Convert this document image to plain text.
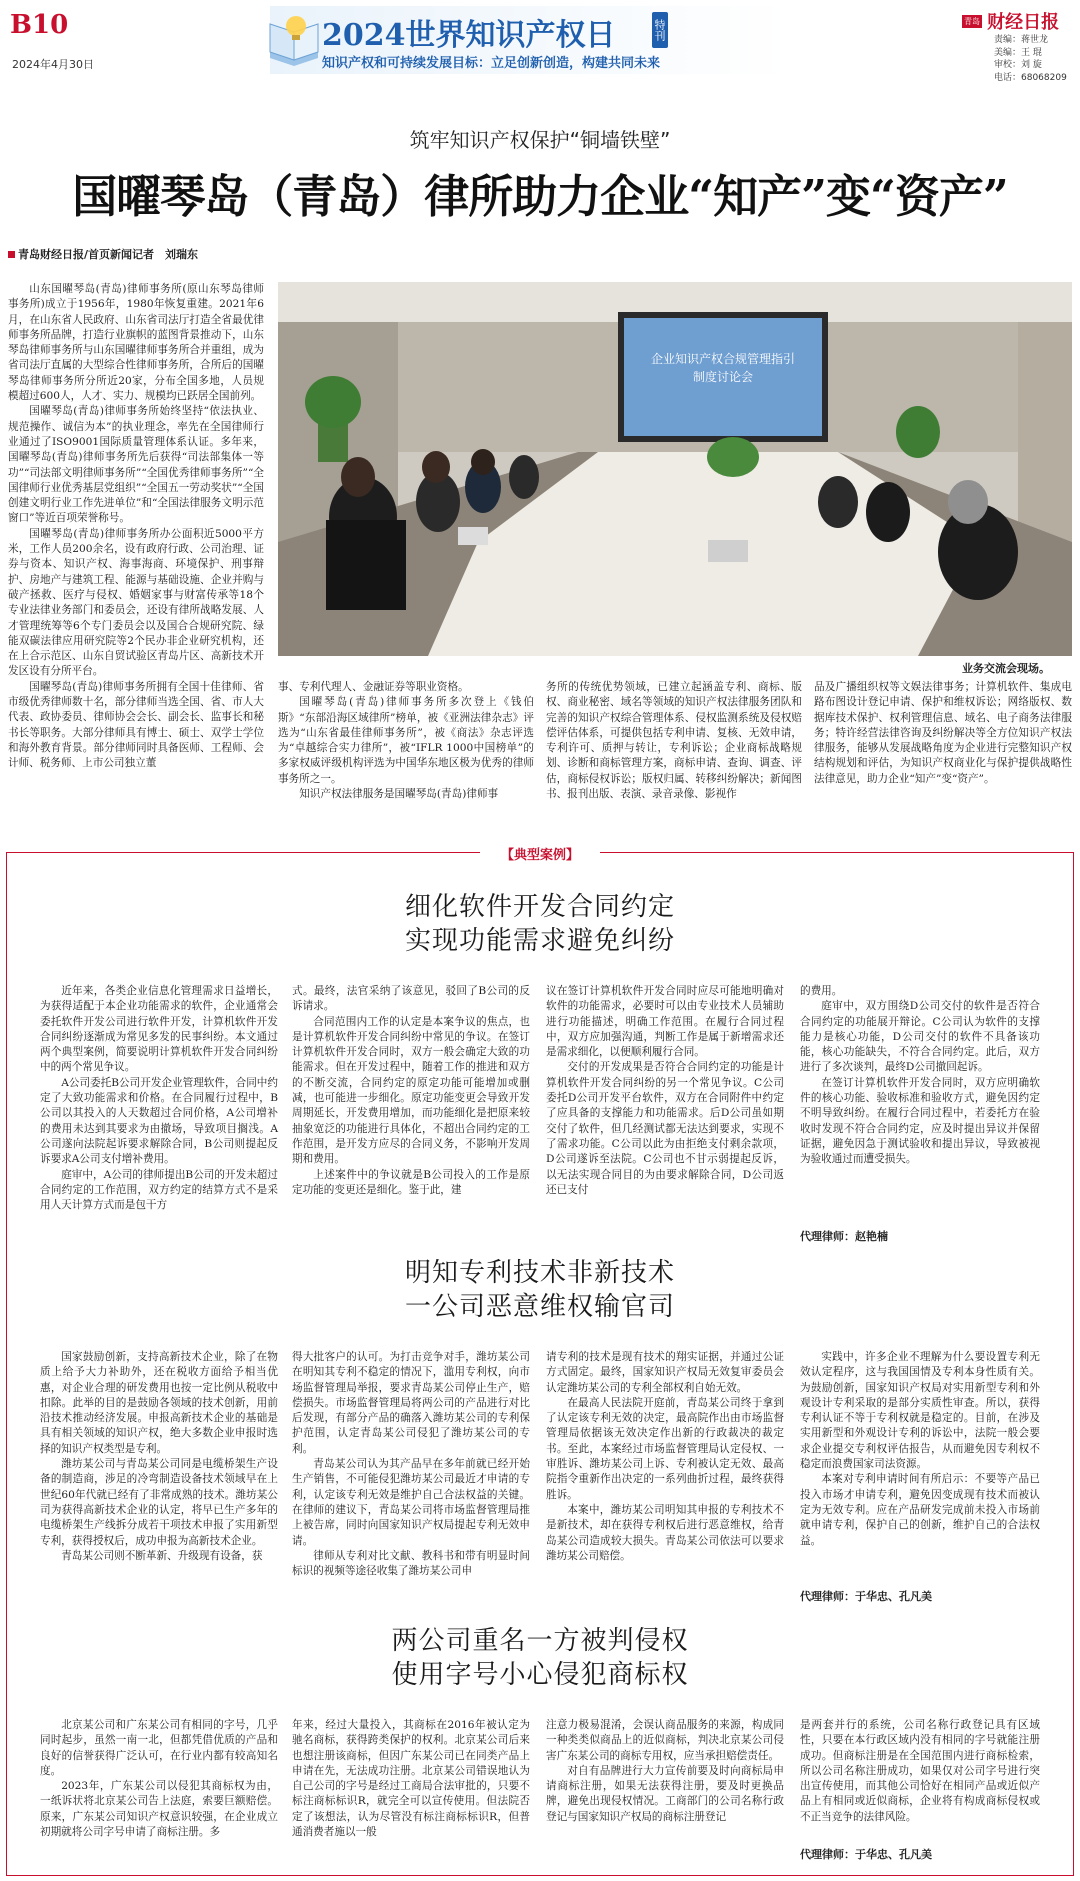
B10
2024年4月30日
2024世界知识产权日	特刊
知识产权和可持续发展目标：立足创新创造，构建共同未来
青岛 财经日报
责编：蒋世龙
美编：王 琨
审校：刘 旋
电话：68068209
筑牢知识产权保护“铜墙铁壁”
国曜琴岛（青岛）律所助力企业“知产”变“资产”
青岛财经日报/首页新闻记者　刘瑞东

山东国曜琴岛(青岛)律师事务所(原山东琴岛律师事务所)成立于1956年，1980年恢复重建。2021年6月，在山东省人民政府、山东省司法厅打造全省最优律师事务所品牌，打造行业旗帜的蓝图背景推动下，山东琴岛律师事务所与山东国曜律师事务所合并重组，成为省司法厅直属的大型综合性律师事务所，合所后的国曜琴岛律师事务所分所近20家，分布全国多地，人员规模超过600人，人才、实力、规模均已跃居全国前列。

国曜琴岛(青岛)律师事务所始终坚持“依法执业、规范操作、诚信为本”的执业理念，率先在全国律师行业通过了ISO9001国际质量管理体系认证。多年来，国曜琴岛(青岛)律师事务所先后获得“司法部集体一等功”“司法部文明律师事务所”“全国优秀律师事务所”“全国律师行业优秀基层党组织”“全国五一劳动奖状”“全国创建文明行业工作先进单位”和“全国法律服务文明示范窗口”等近百项荣誉称号。

国曜琴岛(青岛)律师事务所办公面积近5000平方米，工作人员200余名，设有政府行政、公司治理、证券与资本、知识产权、海事海商、环境保护、刑事辩护、房地产与建筑工程、能源与基础设施、企业并购与破产拯救、医疗与侵权、婚姻家事与财富传承等18个专业法律业务部门和委员会，还设有律所战略发展、人才管理统筹等6个专门委员会以及国合合规研究院、绿能双碳法律应用研究院等2个民办非企业研究机构，还在上合示范区、山东自贸试验区青岛片区、高新技术开发区设有分所平台。

国曜琴岛(青岛)律师事务所拥有全国十佳律师、省市级优秀律师数十名，部分律师当选全国、省、市人大代表、政协委员、律师协会会长、副会长、监事长和秘书长等职务。大部分律师具有博士、硕士、双学士学位和海外教育背景。部分律师同时具备医师、工程师、会计师、税务师、上市公司独立董

企业知识产权合规管理指引
制度讨论会
业务交流会现场。

事、专利代理人、金融证券等职业资格。

国曜琴岛(青岛)律师事务所多次登上《钱伯斯》“东部沿海区域律所”榜单，被《亚洲法律杂志》评选为“山东省最佳律师事务所”，被《商法》杂志评选为“卓越综合实力律所”，被“IFLR 1000中国榜单”的多家权威评级机构评选为中国华东地区极为优秀的律师事务所之一。

知识产权法律服务是国曜琴岛(青岛)律师事

务所的传统优势领域，已建立起涵盖专利、商标、版权、商业秘密、域名等领域的知识产权法律服务团队和完善的知识产权综合管理体系、侵权监测系统及侵权赔偿评估体系，可提供包括专利申请、复核、无效申请，专利许可、质押与转让，专利诉讼；企业商标战略规划、诊断和商标管理方案，商标申请、查询、调查、评估，商标侵权诉讼；版权归属、转移纠纷解决；新闻图书、报刊出版、表演、录音录像、影视作

品及广播组织权等文娱法律事务；计算机软件、集成电路布图设计登记申请、保护和维权诉讼；网络版权、数据库技术保护、权利管理信息、域名、电子商务法律服务；特许经营法律咨询及纠纷解决等全方位知识产权法律服务，能够从发展战略角度为企业进行完整知识产权结构规划和评估，为知识产权商业化与保护提供战略性法律意见，助力企业“知产”变“资产”。

【典型案例】
细化软件开发合同约定
实现功能需求避免纠纷

近年来，各类企业信息化管理需求日益增长，为获得适配于本企业功能需求的软件，企业通常会委托软件开发公司进行软件开发，计算机软件开发合同纠纷逐渐成为常见多发的民事纠纷。本文通过两个典型案例，简要说明计算机软件开发合同纠纷中的两个常见争议。

A公司委托B公司开发企业管理软件，合同中约定了大致功能需求和价格。在合同履行过程中，B公司以其投入的人天数超过合同价格，A公司增补的费用未达到其要求为由撤场，导致项目搁浅。A公司遂向法院起诉要求解除合同，B公司则提起反诉要求A公司支付增补费用。

庭审中，A公司的律师提出B公司的开发未超过合同约定的工作范围，双方约定的结算方式不是采用人天计算方式而是包干方

式。最终，法官采纳了该意见，驳回了B公司的反诉请求。

合同范围内工作的认定是本案争议的焦点，也是计算机软件开发合同纠纷中常见的争议。在签订计算机软件开发合同时，双方一般会确定大致的功能需求。但在开发过程中，随着工作的推进和双方的不断交流，合同约定的原定功能可能增加或删减，也可能进一步细化。原定功能变更会导致开发周期延长，开发费用增加，而功能细化是把原来较抽象宽泛的功能进行具体化，不超出合同约定的工作范围，是开发方应尽的合同义务，不影响开发周期和费用。

上述案件中的争议就是B公司投入的工作是原定功能的变更还是细化。鉴于此，建

议在签订计算机软件开发合同时应尽可能地明确对软件的功能需求，必要时可以由专业技术人员辅助进行功能描述，明确工作范围。在履行合同过程中，双方应加强沟通，判断工作是属于新增需求还是需求细化，以便顺利履行合同。

交付的开发成果是否符合合同约定的功能是计算机软件开发合同纠纷的另一个常见争议。C公司委托D公司开发平台软件，双方在合同附件中约定了应具备的支撑能力和功能需求。后D公司虽如期交付了软件，但几经测试都无法达到要求，实现不了需求功能。C公司以此为由拒绝支付剩余款项，D公司遂诉至法院。C公司也不甘示弱提起反诉，以无法实现合同目的为由要求解除合同，D公司返还已支付

的费用。

庭审中，双方围绕D公司交付的软件是否符合合同约定的功能展开辩论。C公司认为软件的支撑能力是核心功能，D公司交付的软件不具备该功能，核心功能缺失，不符合合同约定。此后，双方进行了多次谈判，最终D公司撤回起诉。

在签订计算机软件开发合同时，双方应明确软件的核心功能、验收标准和验收方式，避免因约定不明导致纠纷。在履行合同过程中，若委托方在验收时发现不符合合同约定，应及时提出异议并保留证据，避免因急于测试验收和提出异议，导致被视为验收通过而遭受损失。

代理律师：赵艳楠
明知专利技术非新技术
一公司恶意维权输官司

国家鼓励创新，支持高新技术企业，除了在物质上给予大力补助外，还在税收方面给予相当优惠，对企业合理的研发费用也按一定比例从税收中扣除。此举的目的是鼓励各领域的技术创新，用前沿技术推动经济发展。申报高新技术企业的基础是具有相关领域的知识产权，绝大多数企业申报时选择的知识产权类型是专利。

潍坊某公司与青岛某公司同是电缆桥架生产设备的制造商，涉足的冷弯制造设备技术领域早在上世纪60年代就已经有了非常成熟的技术。潍坊某公司为获得高新技术企业的认定，将早已生产多年的电缆桥架生产线拆分成若干项技术申报了实用新型专利，获得授权后，成功申报为高新技术企业。

青岛某公司则不断革新、升级现有设备，获

得大批客户的认可。为打击竞争对手，潍坊某公司在明知其专利不稳定的情况下，滥用专利权，向市场监督管理局举报，要求青岛某公司停止生产，赔偿损失。市场监督管理局将两公司的产品进行对比后发现，有部分产品的确落入潍坊某公司的专利保护范围，认定青岛某公司侵犯了潍坊某公司的专利。

青岛某公司认为其产品早在多年前就已经开始生产销售，不可能侵犯潍坊某公司最近才申请的专利，认定该专利无效是维护自己合法权益的关键。在律师的建议下，青岛某公司将市场监督管理局推上被告席，同时向国家知识产权局提起专利无效申请。

律师从专利对比文献、教科书和带有明显时间标识的视频等途径收集了潍坊某公司申

请专利的技术是现有技术的翔实证据，并通过公证方式固定。最终，国家知识产权局无效复审委员会认定潍坊某公司的专利全部权利自始无效。

在最高人民法院开庭前，青岛某公司终于拿到了认定该专利无效的决定，最高院作出由市场监督管理局依据该无效决定作出新的行政裁决的裁定书。至此，本案经过市场监督管理局认定侵权、一审胜诉、潍坊某公司上诉、专利被认定无效、最高院指令重新作出决定的一系列曲折过程，最终获得胜诉。

本案中，潍坊某公司明知其申报的专利技术不是新技术，却在获得专利权后进行恶意维权，给青岛某公司造成较大损失。青岛某公司依法可以要求潍坊某公司赔偿。

实践中，许多企业不理解为什么要设置专利无效认定程序，这与我国国情及专利本身性质有关。为鼓励创新，国家知识产权局对实用新型专利和外观设计专利采取的是部分实质性审查。所以，获得专利认证不等于专利权就是稳定的。目前，在涉及实用新型和外观设计专利的诉讼中，法院一般会要求企业提交专利权评估报告，从而避免因专利权不稳定而浪费国家司法资源。

本案对专利申请时间有所启示：不要等产品已投入市场才申请专利，避免因变成现有技术而被认定为无效专利。应在产品研发完成前未投入市场前就申请专利，保护自己的创新，维护自己的合法权益。

代理律师：于华忠、孔凡美
两公司重名一方被判侵权
使用字号小心侵犯商标权

北京某公司和广东某公司有相同的字号，几乎同时起步，虽然一南一北，但都凭借优质的产品和良好的信誉获得广泛认可，在行业内都有较高知名度。

2023年，广东某公司以侵犯其商标权为由，一纸诉状将北京某公司告上法庭，索要巨额赔偿。原来，广东某公司知识产权意识较强，在企业成立初期就将公司字号申请了商标注册。多

年来，经过大量投入，其商标在2016年被认定为驰名商标，获得跨类保护的权利。北京某公司后来也想注册该商标，但因广东某公司已在同类产品上申请在先，无法成功注册。北京某公司错误地认为自己公司的字号是经过工商局合法审批的，只要不标注商标标识R，就完全可以宣传使用。但法院否定了该想法，认为尽管没有标注商标标识R，但普通消费者施以一般

注意力极易混淆，会误认商品服务的来源，构成同一种类类似商品上的近似商标，判决北京某公司侵害广东某公司的商标专用权，应当承担赔偿责任。

对自有品牌进行大力宣传前要及时向商标局申请商标注册，如果无法获得注册，要及时更换品牌，避免出现侵权情况。工商部门的公司名称行政登记与国家知识产权局的商标注册登记

是两套并行的系统，公司名称行政登记具有区域性，只要在本行政区域内没有相同的字号就能注册成功。但商标注册是在全国范围内进行商标检索，所以公司名称注册成功，如果仅对公司字号进行突出宣传使用，而其他公司恰好在相同产品或近似产品上有相同或近似商标，企业将有构成商标侵权或不正当竞争的法律风险。

代理律师：于华忠、孔凡美
